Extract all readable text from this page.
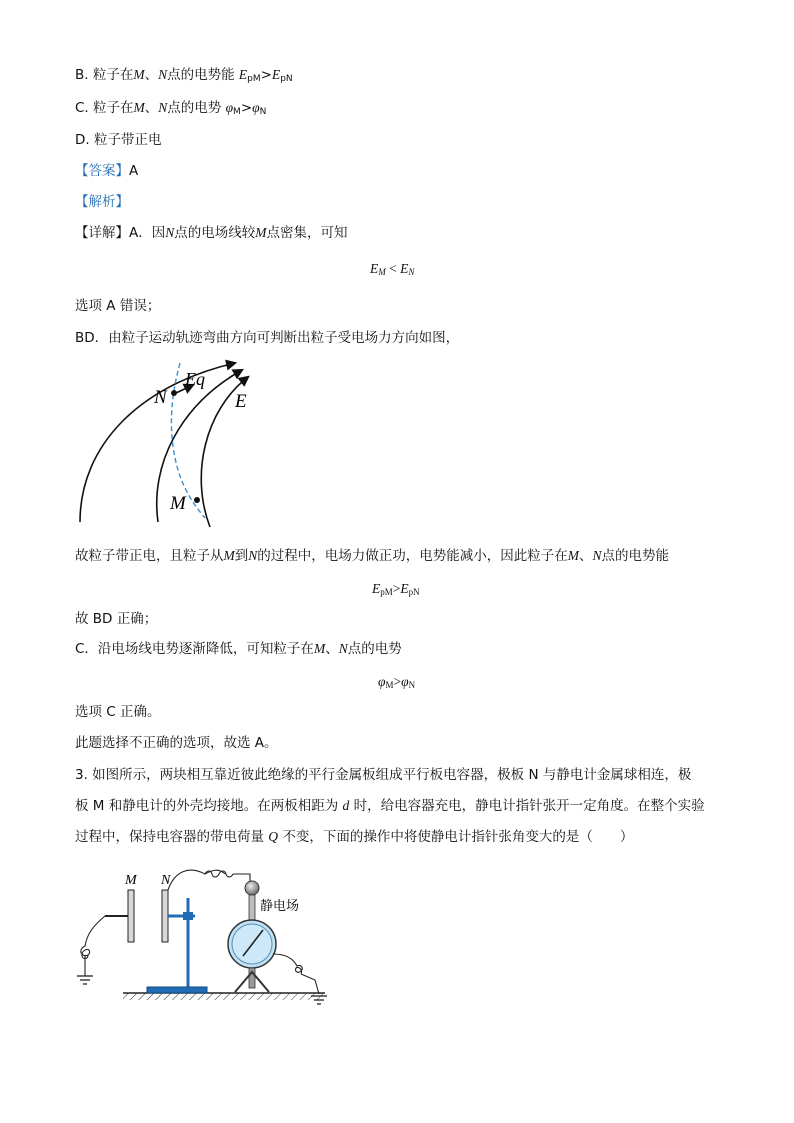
B. 粒子在M、N点的电势能 $E_{pM}>E_{pN}$
C. 粒子在M、N点的电势 $\varphi_M>\varphi_N$
D. 粒子带正电
【答案】A
【解析】
【详解】A．因N点的电场线较M点密集，可知
$E_M < E_N$
选项 A 错误；
BD．由粒子运动轨迹弯曲方向可判断出粒子受电场力方向如图，
N
Eq
E
M
故粒子带正电，且粒子从M到N的过程中，电场力做正功，电势能减小，因此粒子在M、N点的电势能
$E_{pM}>E_{pN}$
故 BD 正确；
C．沿电场线电势逐渐降低，可知粒子在M、N点的电势
$\varphi_M>\varphi_N$
选项 C 正确。
此题选择不正确的选项，故选 A。
3. 如图所示，两块相互靠近彼此绝缘的平行金属板组成平行板电容器，极板 N 与静电计金属球相连，极
板 M 和静电计的外壳均接地。在两板相距为 d 时，给电容器充电，静电计指针张开一定角度。在整个实验
过程中，保持电容器的带电荷量 Q 不变，下面的操作中将使静电计指针张角变大的是（　　）
M N
静电场
